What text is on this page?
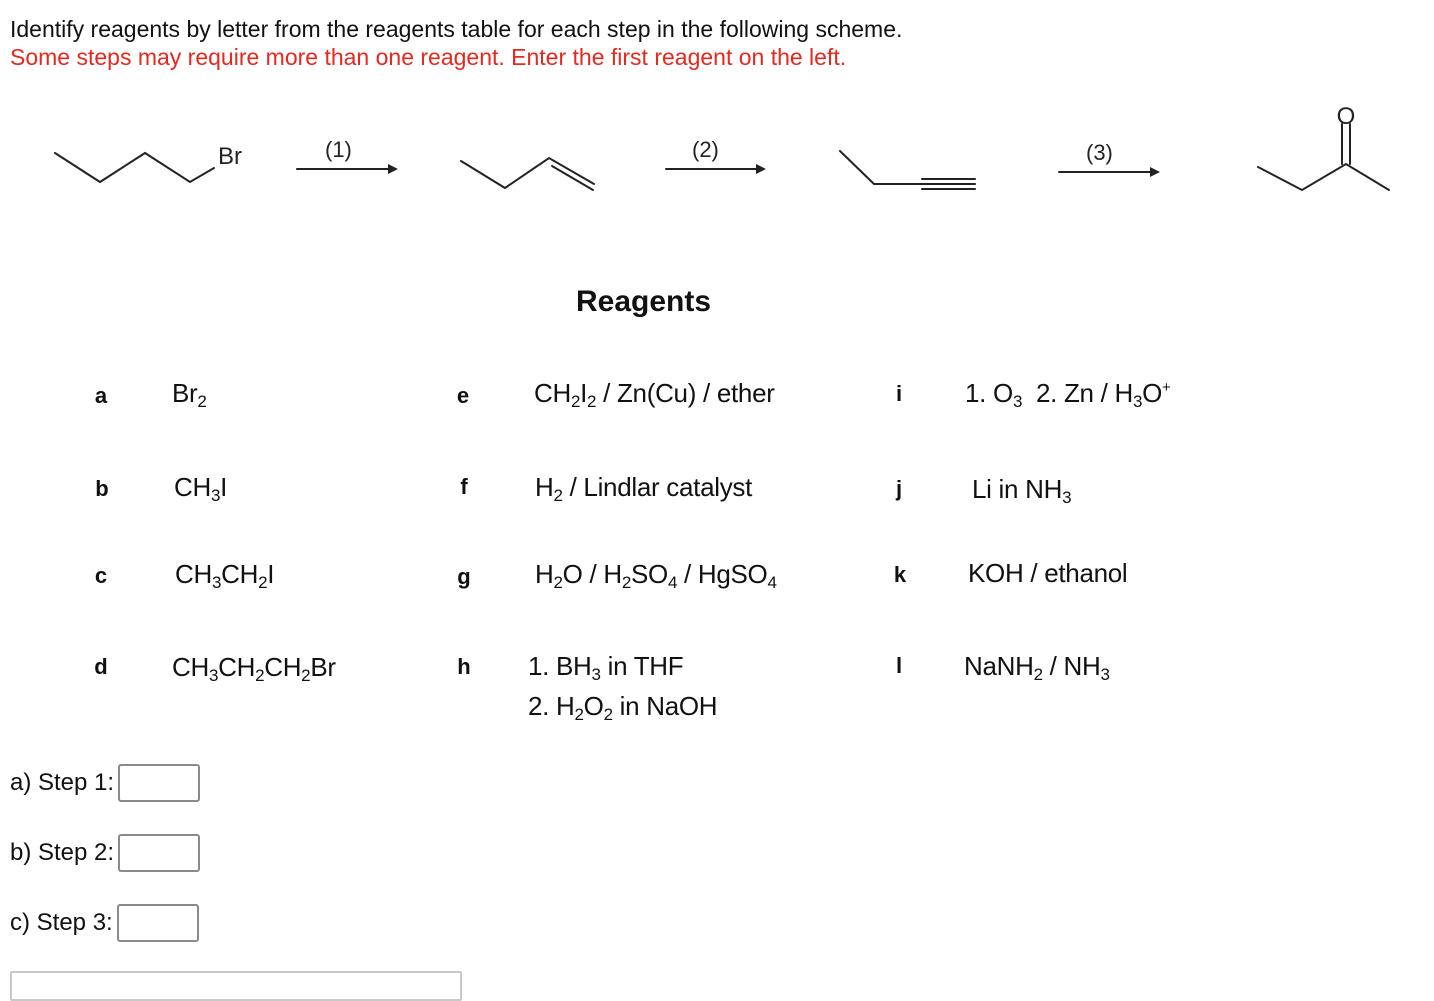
Identify reagents by letter from the reagents table for each step in the following scheme.
Some steps may require more than one reagent. Enter the first reagent on the left.
Br	(1)	(2)	(3)
O
Reagents
a $Br_2$
b	$CH_3I$
c	$CH_3CH_2I$
d $CH_3CH_2CH_2Br$
e $CH_2I_2 / Zn(Cu)$ / ether
f	$H_2$ / Lindlar catalyst
g $H_2O / H_2SO_4$ / HgSO$_4$
h 1. $BH_3$ in THF
2. $H_2O_2$ in NaOH
i 1. $O_3$  2. Zn / $H_3O^+$
j	Li in $NH_3$
k KOH / ethanol
l NaNH$_2$ / $NH_3$
a) Step 1:
b) Step 2:
c) Step 3:
